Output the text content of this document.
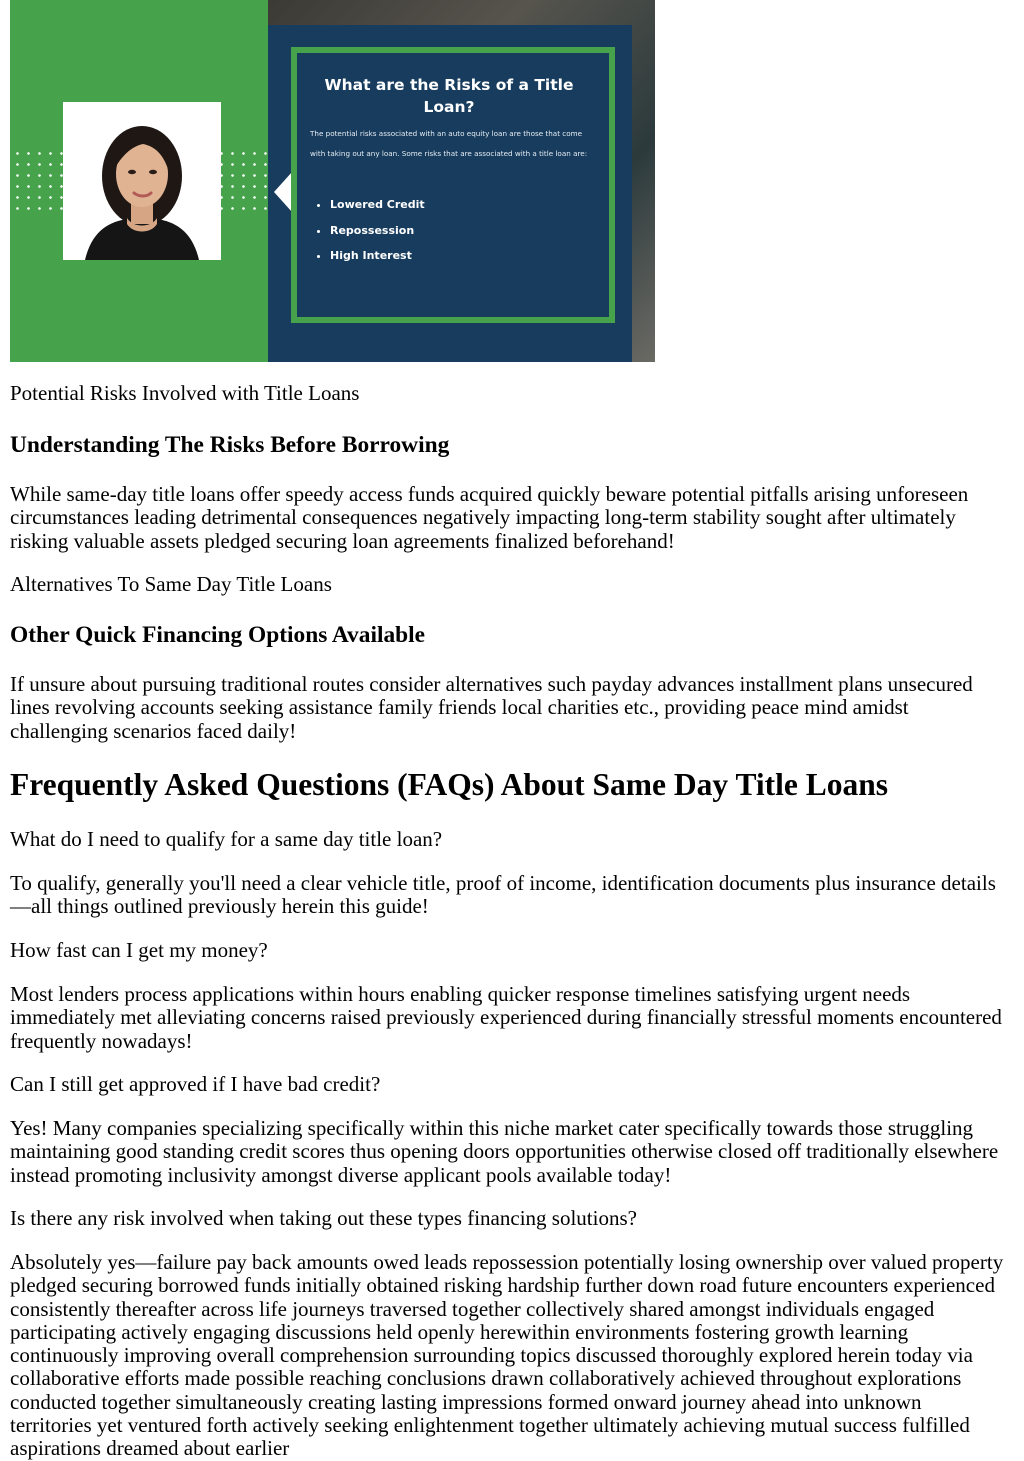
What are the Risks of a Title Loan?

The potential risks associated with an auto equity loan are those that come with taking out any loan. Some risks that are associated with a title loan are:

• Lowered Credit
• Repossession
• High Interest

Potential Risks Involved with Title Loans

Understanding The Risks Before Borrowing

While same-day title loans offer speedy access funds acquired quickly beware potential pitfalls arising unforeseen circumstances leading detrimental consequences negatively impacting long-term stability sought after ultimately risking valuable assets pledged securing loan agreements finalized beforehand!

Alternatives To Same Day Title Loans

Other Quick Financing Options Available

If unsure about pursuing traditional routes consider alternatives such payday advances installment plans unsecured lines revolving accounts seeking assistance family friends local charities etc., providing peace mind amidst challenging scenarios faced daily!

Frequently Asked Questions (FAQs) About Same Day Title Loans

What do I need to qualify for a same day title loan?

To qualify, generally you'll need a clear vehicle title, proof of income, identification documents plus insurance details—all things outlined previously herein this guide!

How fast can I get my money?

Most lenders process applications within hours enabling quicker response timelines satisfying urgent needs immediately met alleviating concerns raised previously experienced during financially stressful moments encountered frequently nowadays!

Can I still get approved if I have bad credit?

Yes! Many companies specializing specifically within this niche market cater specifically towards those struggling maintaining good standing credit scores thus opening doors opportunities otherwise closed off traditionally elsewhere instead promoting inclusivity amongst diverse applicant pools available today!

Is there any risk involved when taking out these types financing solutions?

Absolutely yes—failure pay back amounts owed leads repossession potentially losing ownership over valued property pledged securing borrowed funds initially obtained risking hardship further down road future encounters experienced consistently thereafter across life journeys traversed together collectively shared amongst individuals engaged participating actively engaging discussions held openly herewithin environments fostering growth learning continuously improving overall comprehension surrounding topics discussed thoroughly explored herein today via collaborative efforts made possible reaching conclusions drawn collaboratively achieved throughout explorations conducted together simultaneously creating lasting impressions formed onward journey ahead into unknown territories yet ventured forth actively seeking enlightenment together ultimately achieving mutual success fulfilled aspirations dreamed about earlier
